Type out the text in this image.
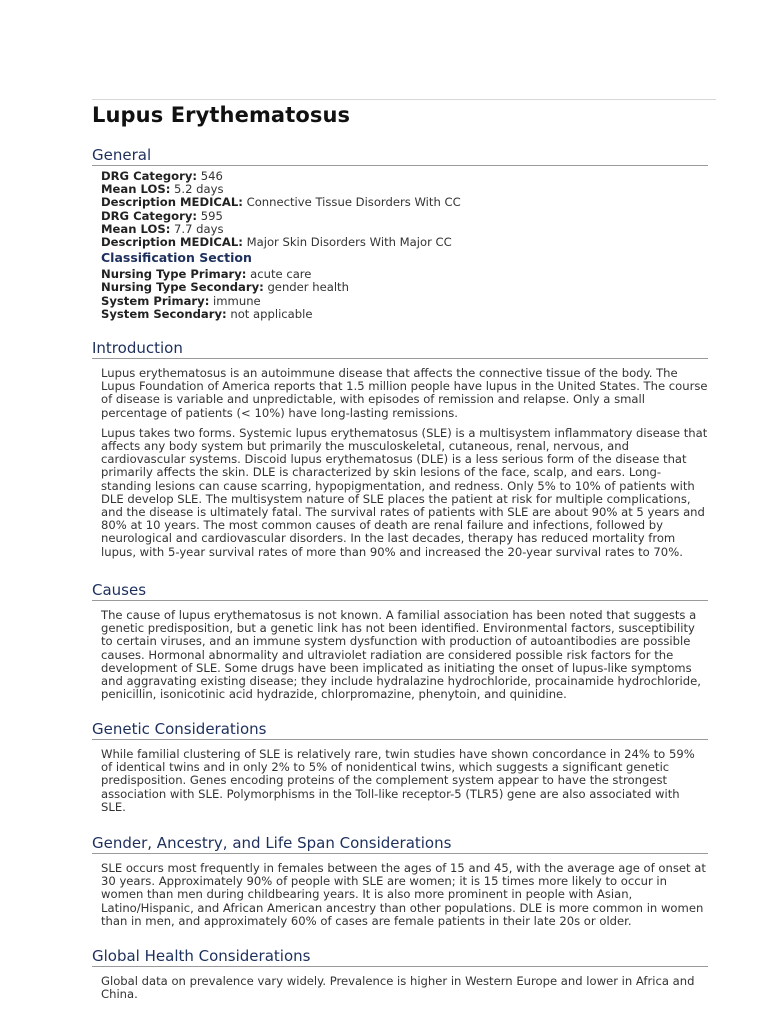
Lupus Erythematosus
General
DRG Category: 546
Mean LOS: 5.2 days
Description MEDICAL: Connective Tissue Disorders With CC
DRG Category: 595
Mean LOS: 7.7 days
Description MEDICAL: Major Skin Disorders With Major CC
Classification Section
Nursing Type Primary: acute care
Nursing Type Secondary: gender health
System Primary: immune
System Secondary: not applicable
Introduction

Lupus erythematosus is an autoimmune disease that affects the connective tissue of the body. The Lupus Foundation of America reports that 1.5 million people have lupus in the United States. The course of disease is variable and unpredictable, with episodes of remission and relapse. Only a small percentage of patients (< 10%) have long-lasting remissions.

Lupus takes two forms. Systemic lupus erythematosus (SLE) is a multisystem inflammatory disease that affects any body system but primarily the musculoskeletal, cutaneous, renal, nervous, and cardiovascular systems. Discoid lupus erythematosus (DLE) is a less serious form of the disease that primarily affects the skin. DLE is characterized by skin lesions of the face, scalp, and ears. Long-standing lesions can cause scarring, hypopigmentation, and redness. Only 5% to 10% of patients with DLE develop SLE. The multisystem nature of SLE places the patient at risk for multiple complications, and the disease is ultimately fatal. The survival rates of patients with SLE are about 90% at 5 years and 80% at 10 years. The most common causes of death are renal failure and infections, followed by neurological and cardiovascular disorders. In the last decades, therapy has reduced mortality from lupus, with 5-year survival rates of more than 90% and increased the 20-year survival rates to 70%.

Causes

The cause of lupus erythematosus is not known. A familial association has been noted that suggests a genetic predisposition, but a genetic link has not been identified. Environmental factors, susceptibility to certain viruses, and an immune system dysfunction with production of autoantibodies are possible causes. Hormonal abnormality and ultraviolet radiation are considered possible risk factors for the development of SLE. Some drugs have been implicated as initiating the onset of lupus-like symptoms and aggravating existing disease; they include hydralazine hydrochloride, procainamide hydrochloride, penicillin, isonicotinic acid hydrazide, chlorpromazine, phenytoin, and quinidine.

Genetic Considerations

While familial clustering of SLE is relatively rare, twin studies have shown concordance in 24% to 59% of identical twins and in only 2% to 5% of nonidentical twins, which suggests a significant genetic predisposition. Genes encoding proteins of the complement system appear to have the strongest association with SLE. Polymorphisms in the Toll-like receptor-5 (TLR5) gene are also associated with SLE.

Gender, Ancestry, and Life Span Considerations

SLE occurs most frequently in females between the ages of 15 and 45, with the average age of onset at 30 years. Approximately 90% of people with SLE are women; it is 15 times more likely to occur in women than men during childbearing years. It is also more prominent in people with Asian, Latino/Hispanic, and African American ancestry than other populations. DLE is more common in women than in men, and approximately 60% of cases are female patients in their late 20s or older.

Global Health Considerations

Global data on prevalence vary widely. Prevalence is higher in Western Europe and lower in Africa and China.
